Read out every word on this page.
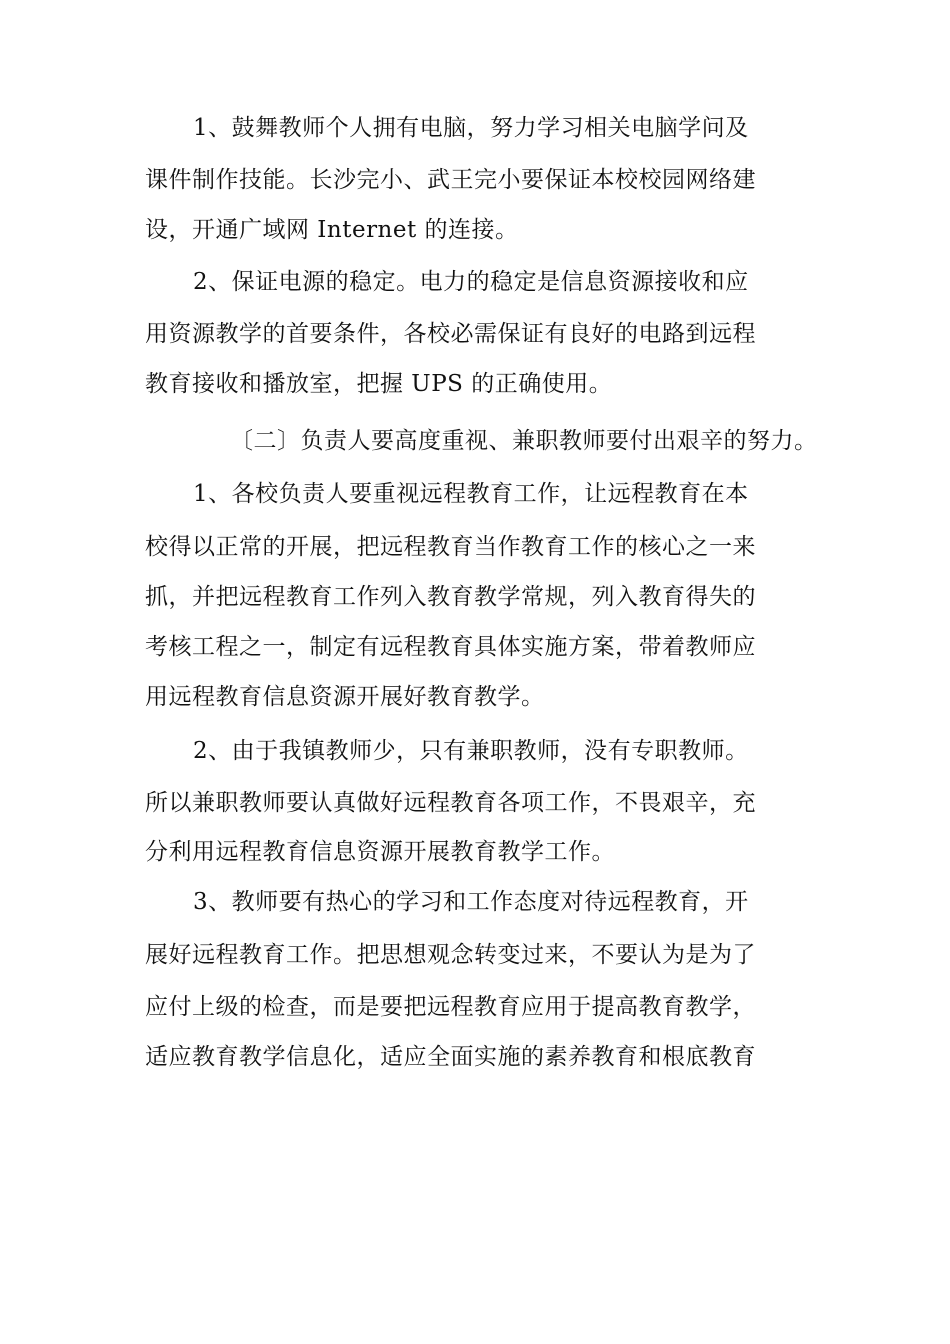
1、鼓舞教师个人拥有电脑，努力学习相关电脑学问及
课件制作技能。长沙完小、武王完小要保证本校校园网络建
设，开通广域网 Internet 的连接。
2、保证电源的稳定。电力的稳定是信息资源接收和应
用资源教学的首要条件，各校必需保证有良好的电路到远程
教育接收和播放室，把握 UPS 的正确使用。
〔二〕负责人要高度重视、兼职教师要付出艰辛的努力。
1、各校负责人要重视远程教育工作，让远程教育在本
校得以正常的开展，把远程教育当作教育工作的核心之一来
抓，并把远程教育工作列入教育教学常规，列入教育得失的
考核工程之一，制定有远程教育具体实施方案，带着教师应
用远程教育信息资源开展好教育教学。
2、由于我镇教师少，只有兼职教师，没有专职教师。
所以兼职教师要认真做好远程教育各项工作，不畏艰辛，充
分利用远程教育信息资源开展教育教学工作。
3、教师要有热心的学习和工作态度对待远程教育，开
展好远程教育工作。把思想观念转变过来，不要认为是为了
应付上级的检查，而是要把远程教育应用于提高教育教学，
适应教育教学信息化，适应全面实施的素养教育和根底教育
